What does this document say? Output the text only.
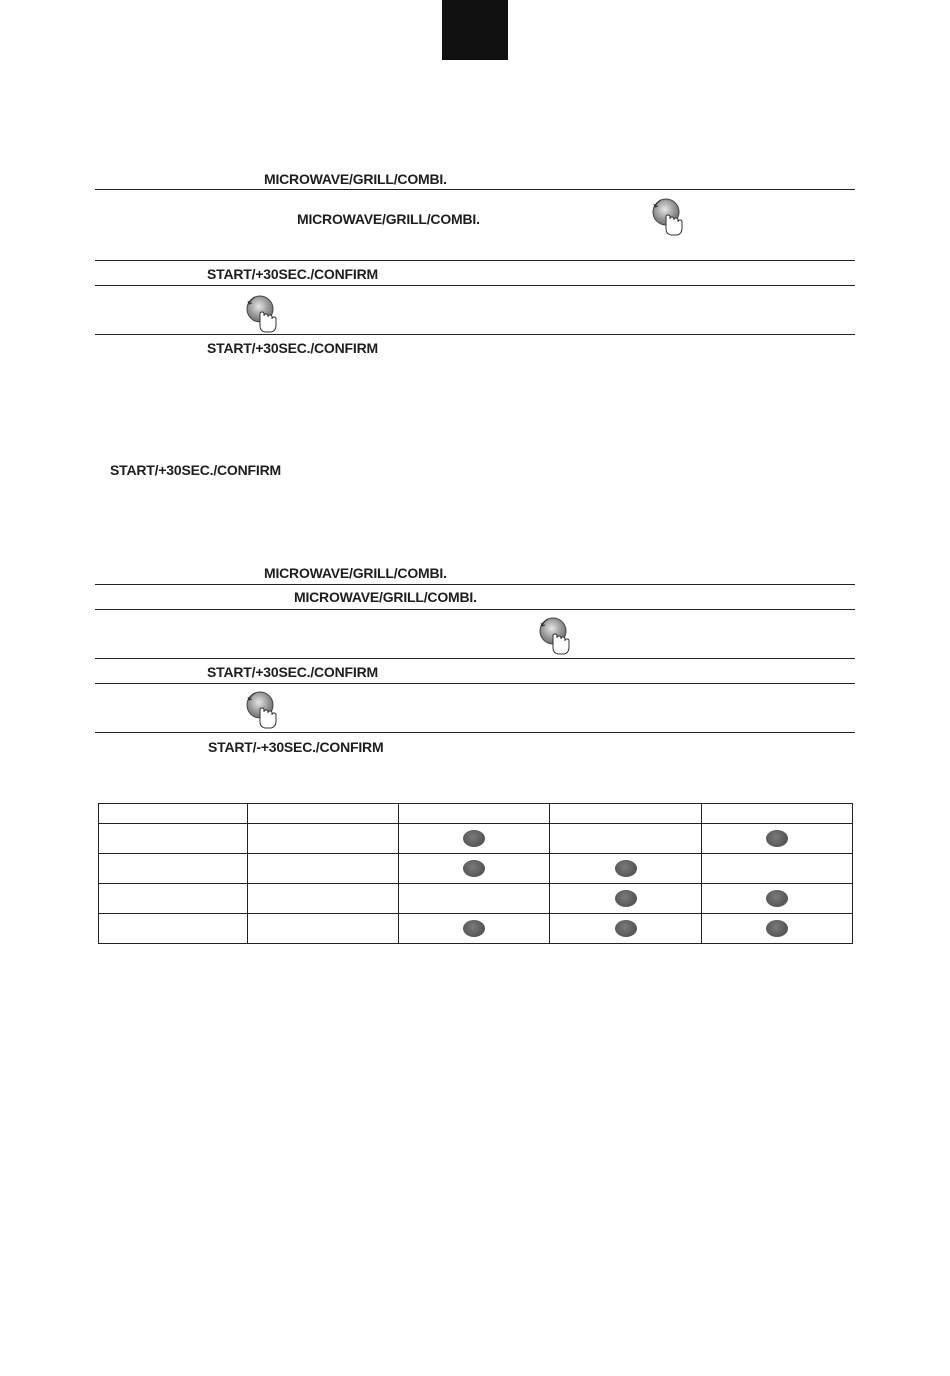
MICROWAVE/GRILL/COMBI.
MICROWAVE/GRILL/COMBI.
START/+30SEC./CONFIRM
START/+30SEC./CONFIRM
START/+30SEC./CONFIRM
MICROWAVE/GRILL/COMBI.
MICROWAVE/GRILL/COMBI.
START/+30SEC./CONFIRM
START/-+30SEC./CONFIRM
